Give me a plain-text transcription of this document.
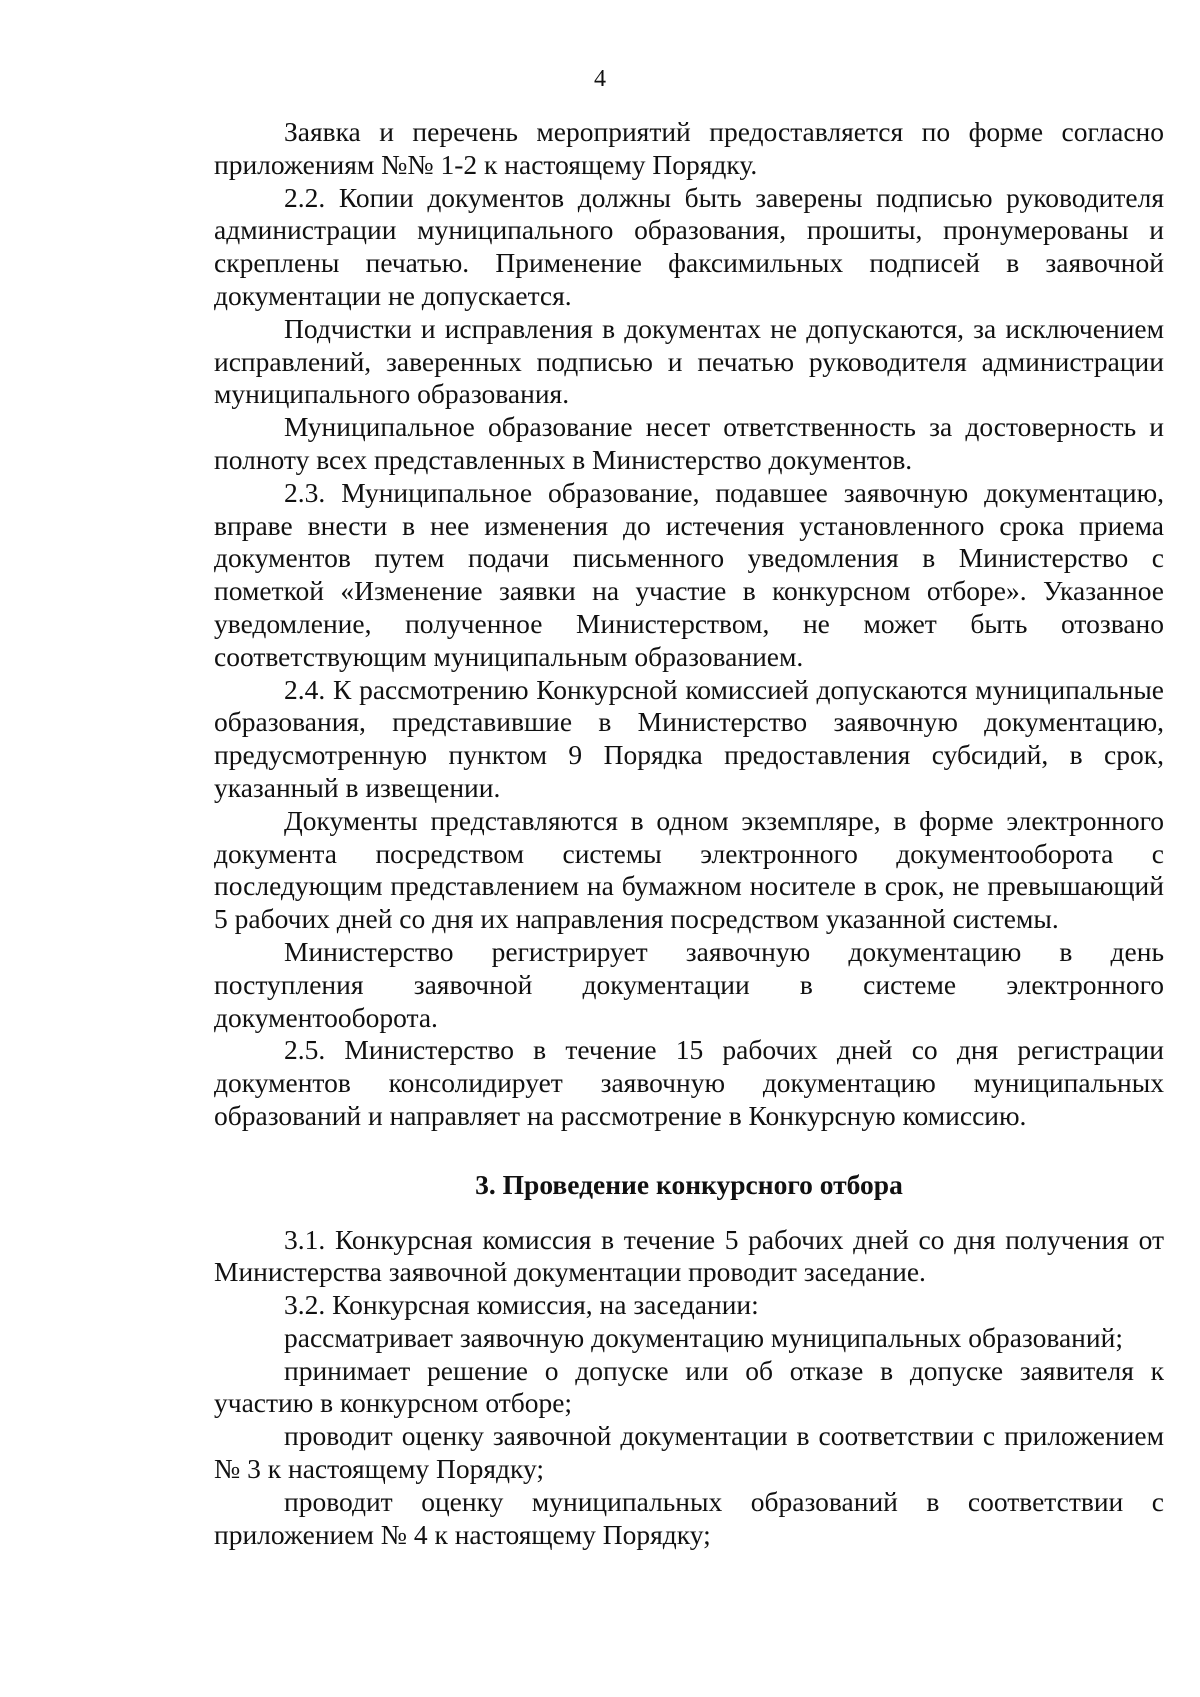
4

Заявка и перечень мероприятий предоставляется по форме согласно приложениям №№ 1-2 к настоящему Порядку.

2.2. Копии документов должны быть заверены подписью руководителя администрации муниципального образования, прошиты, пронумерованы и скреплены печатью. Применение факсимильных подписей в заявочной документации не допускается.

Подчистки и исправления в документах не допускаются, за исключением исправлений, заверенных подписью и печатью руководителя администрации муниципального образования.

Муниципальное образование несет ответственность за достоверность и полноту всех представленных в Министерство документов.

2.3. Муниципальное образование, подавшее заявочную документацию, вправе внести в нее изменения до истечения установленного срока приема документов путем подачи письменного уведомления в Министерство с пометкой «Изменение заявки на участие в конкурсном отборе». Указанное уведомление, полученное Министерством, не может быть отозвано соответствующим муниципальным образованием.

2.4. К рассмотрению Конкурсной комиссией допускаются муниципальные образования, представившие в Министерство заявочную документацию, предусмотренную пунктом 9 Порядка предоставления субсидий, в срок, указанный в извещении.

Документы представляются в одном экземпляре, в форме электронного документа посредством системы электронного документооборота с последующим представлением на бумажном носителе в срок, не превышающий 5 рабочих дней со дня их направления посредством указанной системы.

Министерство регистрирует заявочную документацию в день поступления заявочной документации в системе электронного документооборота.

2.5. Министерство в течение 15 рабочих дней со дня регистрации документов консолидирует заявочную документацию муниципальных образований и направляет на рассмотрение в Конкурсную комиссию.

3. Проведение конкурсного отбора

3.1. Конкурсная комиссия в течение 5 рабочих дней со дня получения от Министерства заявочной документации проводит заседание.

3.2. Конкурсная комиссия, на заседании:

рассматривает заявочную документацию муниципальных образований;

принимает решение о допуске или об отказе в допуске заявителя к участию в конкурсном отборе;

проводит оценку заявочной документации в соответствии с приложением № 3 к настоящему Порядку;

проводит оценку муниципальных образований в соответствии с приложением № 4 к настоящему Порядку;
